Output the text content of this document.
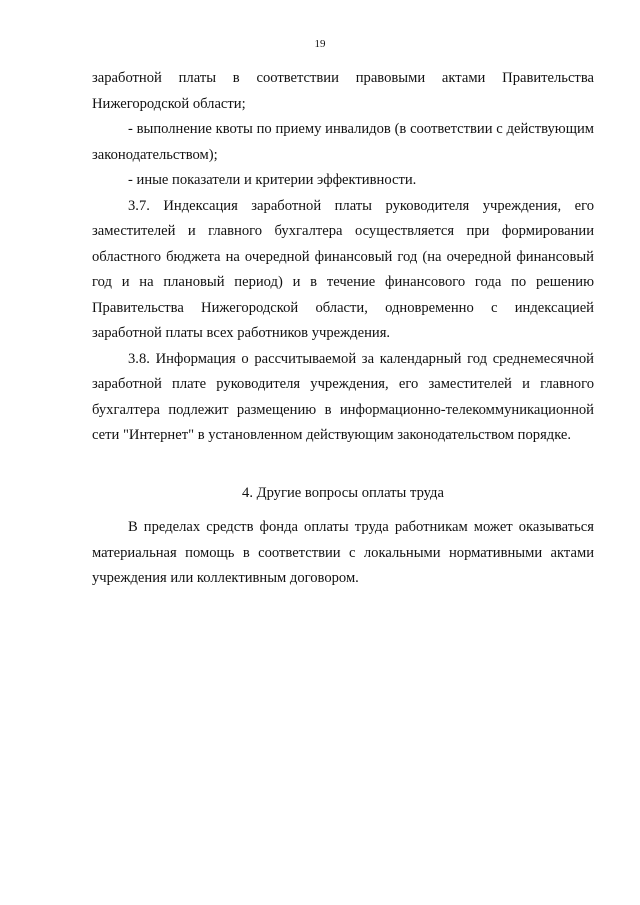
19

заработной платы в соответствии правовыми актами Правительства Нижегородской области;

- выполнение квоты по приему инвалидов (в соответствии с действующим законодательством);

- иные показатели и критерии эффективности.

3.7. Индексация заработной платы руководителя учреждения, его заместителей и главного бухгалтера осуществляется при формировании областного бюджета на очередной финансовый год (на очередной финансовый год и на плановый период) и в течение финансового года по решению Правительства Нижегородской области, одновременно с индексацией заработной платы всех работников учреждения.

3.8. Информация о рассчитываемой за календарный год среднемесячной заработной плате руководителя учреждения, его заместителей и главного бухгалтера подлежит размещению в информационно-телекоммуникационной сети "Интернет" в установленном действующим законодательством порядке.

4. Другие вопросы оплаты труда

В пределах средств фонда оплаты труда работникам может оказываться материальная помощь в соответствии с локальными нормативными актами учреждения или коллективным договором.
